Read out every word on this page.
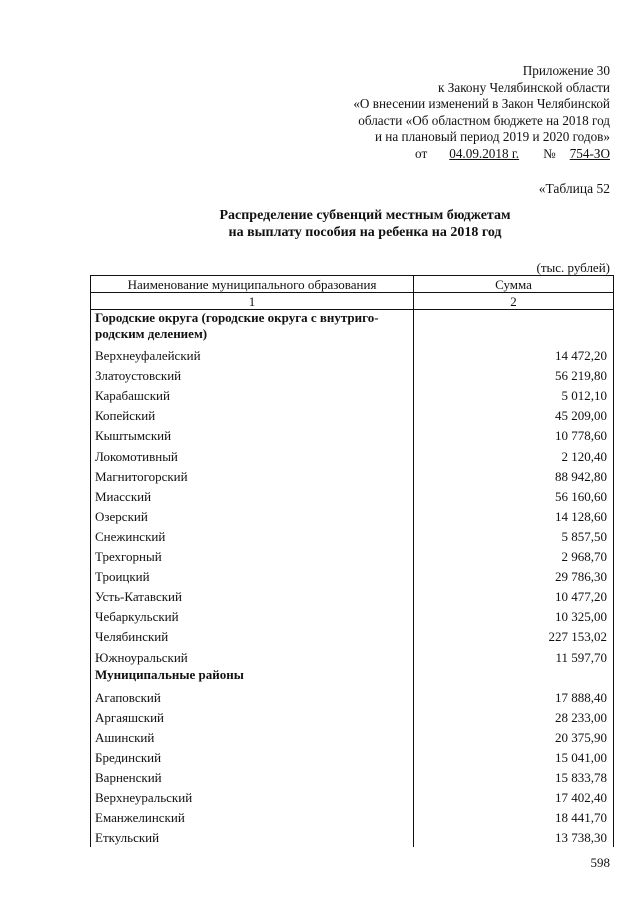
Приложение 30
к Закону Челябинской области
«О внесении изменений в Закон Челябинской
области «Об областном бюджете на 2018 год
и на плановый период 2019 и 2020 годов»
от 04.09.2018 г. № 754-ЗО
«Таблица 52
Распределение субвенций местным бюджетам
на выплату пособия на ребенка на 2018 год
(тыс. рублей)
Наименование муниципального образования	Сумма
1	2

Городские округа (городские округа с внутриго-
родским делением)	

Верхнеуфалейский	14 472,20
Златоустовский	56 219,80
Карабашский	5 012,10
Копейский	45 209,00
Кыштымский	10 778,60
Локомотивный	2 120,40
Магнитогорский	88 942,80
Миасский	56 160,60
Озерский	14 128,60
Снежинский	5 857,50
Трехгорный	2 968,70
Троицкий	29 786,30
Усть-Катавский	10 477,20
Чебаркульский	10 325,00
Челябинский	227 153,02
Южноуральский	11 597,70
Муниципальные районы	
Агаповский	17 888,40
Аргаяшский	28 233,00
Ашинский	20 375,90
Брединский	15 041,00
Варненский	15 833,78
Верхнеуральский	17 402,40
Еманжелинский	18 441,70
Еткульский	13 738,30
598
